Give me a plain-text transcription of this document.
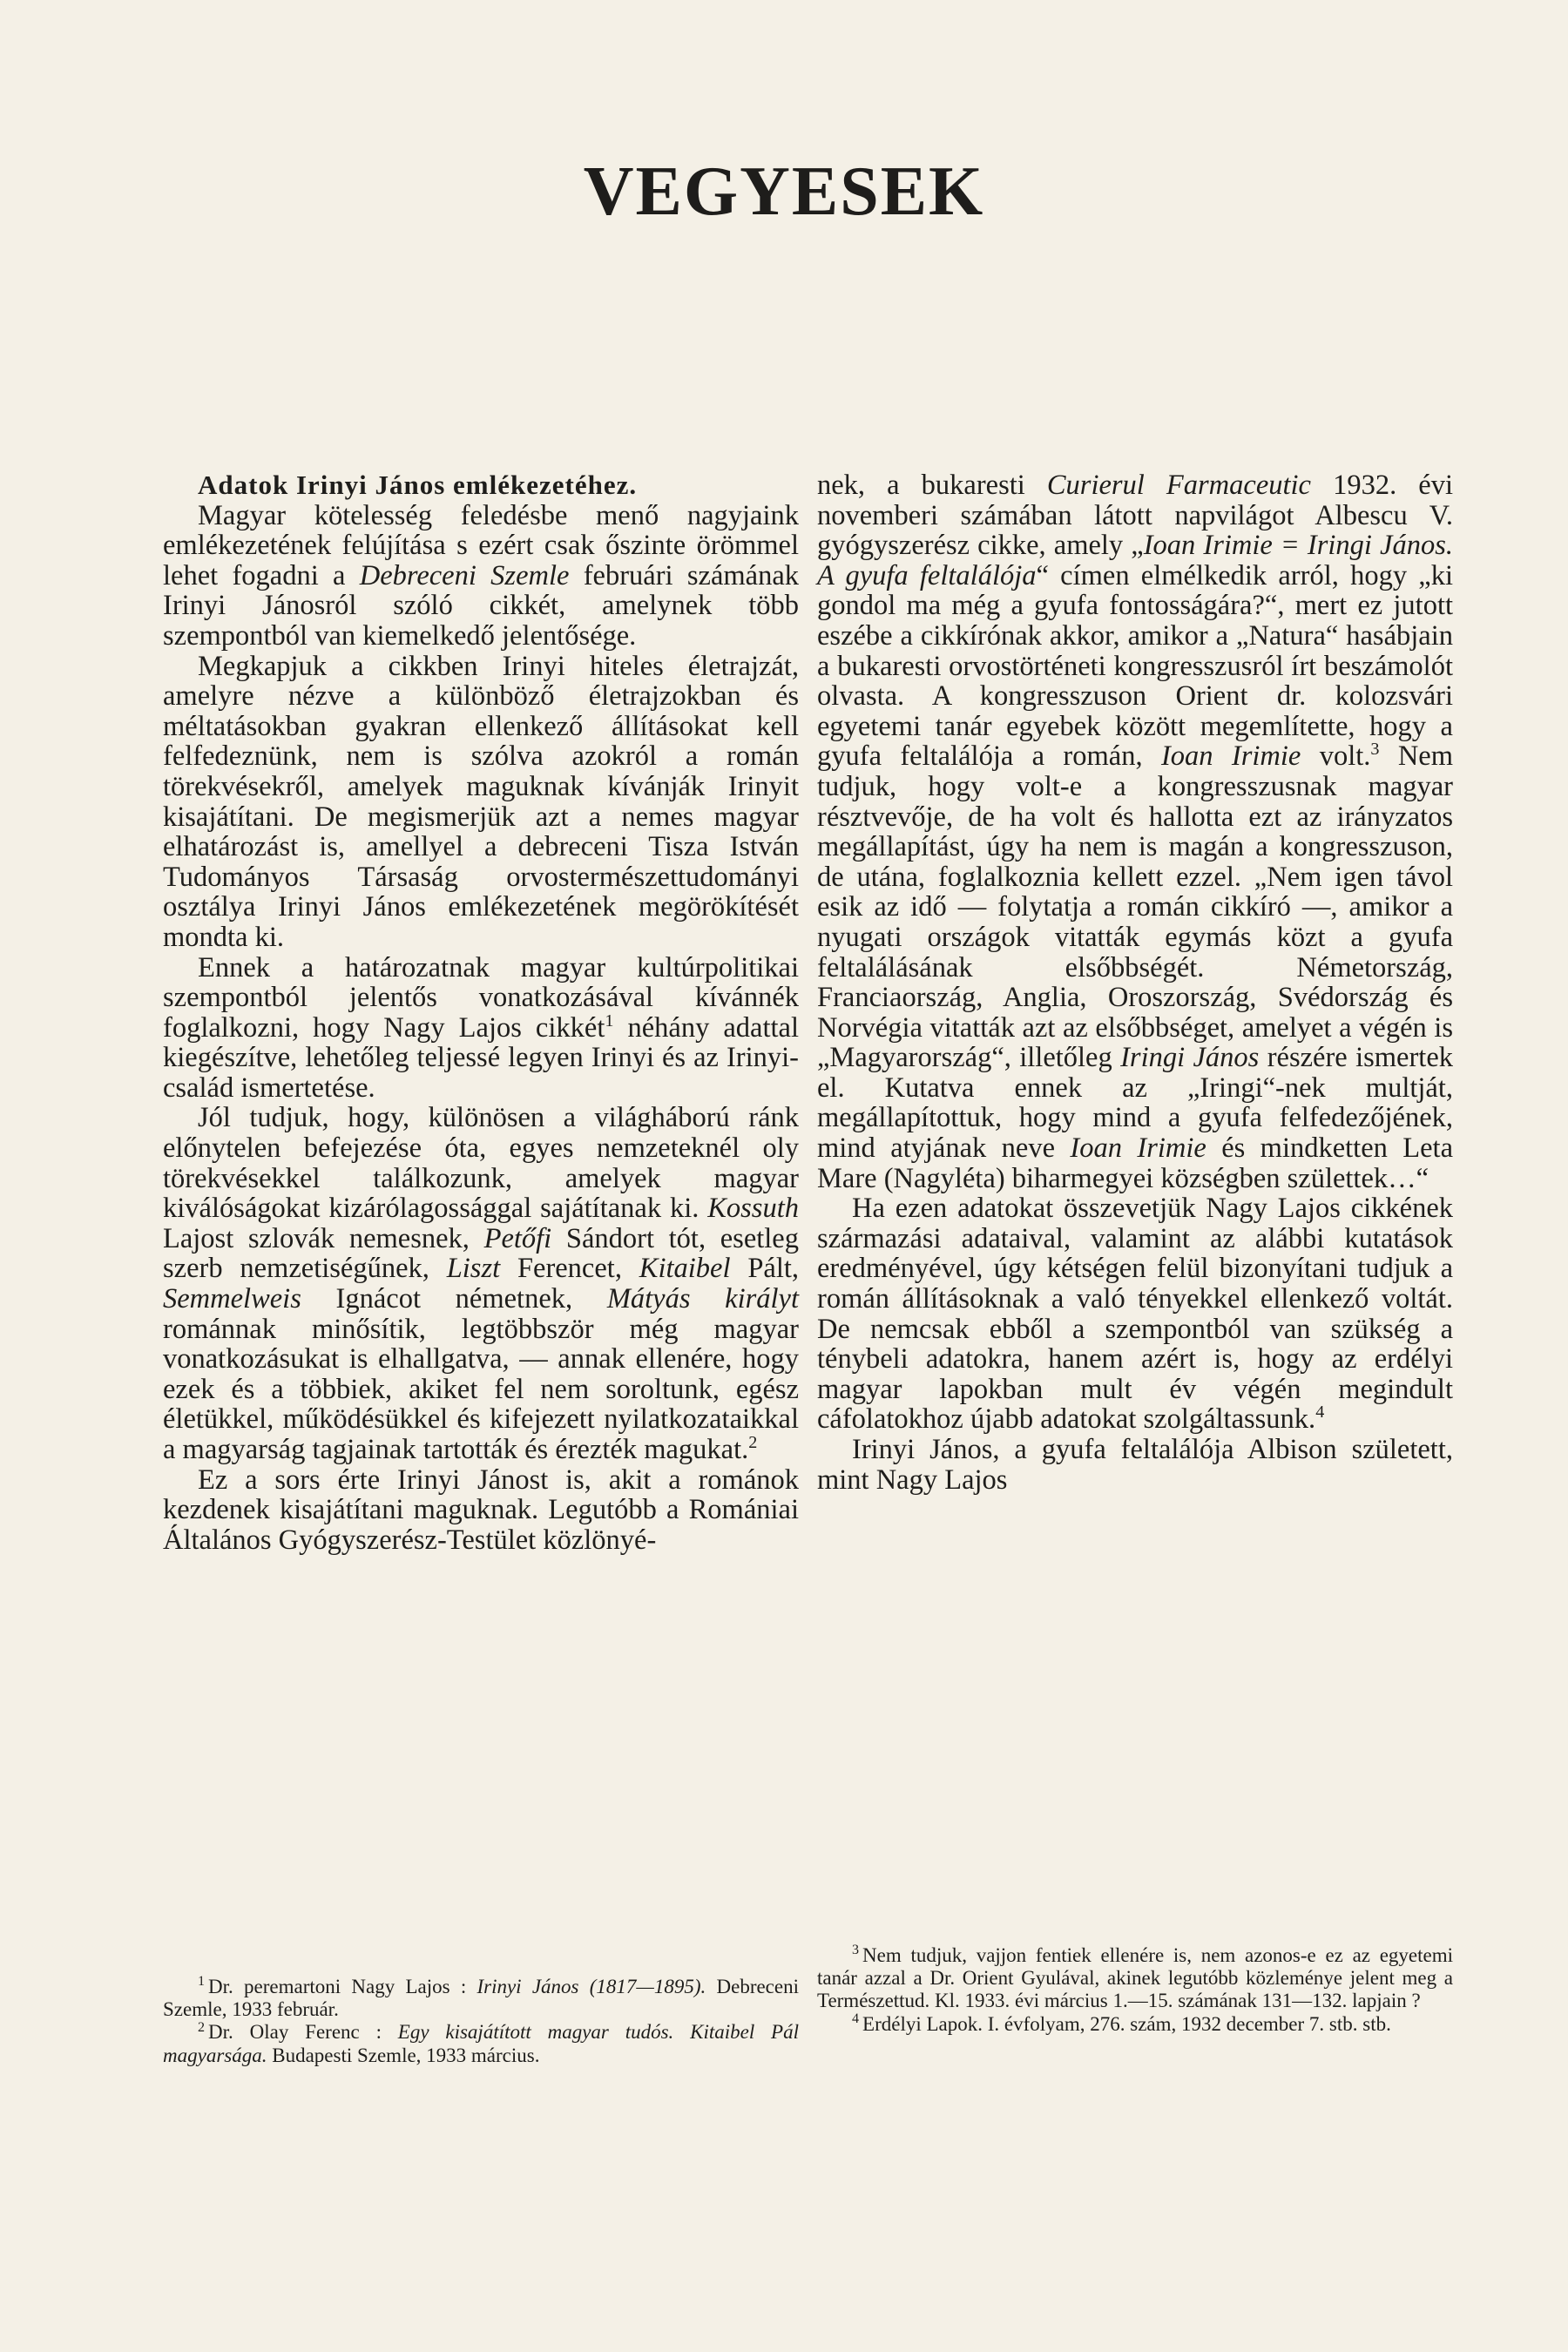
VEGYESEK

Adatok Irinyi János emlékezetéhez.

Magyar kötelesség feledésbe menő nagyjaink emlékezetének felújítása s ezért csak őszinte örömmel lehet fogadni a Debreceni Szemle februári számának Irinyi Jánosról szóló cikkét, amelynek több szempontból van kiemelkedő jelentősége.

Megkapjuk a cikkben Irinyi hiteles életrajzát, amelyre nézve a különböző életrajzokban és méltatásokban gyakran ellenkező állításokat kell felfedeznünk, nem is szólva azokról a román törekvésekről, amelyek maguknak kívánják Irinyit kisajátítani. De megismerjük azt a nemes magyar elhatározást is, amellyel a debreceni Tisza István Tudományos Társaság orvostermészettudományi osztálya Irinyi János emlékezetének megörökítését mondta ki.

Ennek a határozatnak magyar kultúrpolitikai szempontból jelentős vonatkozásával kívánnék foglalkozni, hogy Nagy Lajos cikkét$^1$ néhány adattal kiegészítve, lehetőleg teljessé legyen Irinyi és az Irinyi-család ismertetése.

Jól tudjuk, hogy, különösen a világháború ránk előnytelen befejezése óta, egyes nemzeteknél oly törekvésekkel találkozunk, amelyek magyar kiválóságokat kizárólagossággal sajátítanak ki. Kossuth Lajost szlovák nemesnek, Petőfi Sándort tót, esetleg szerb nemzetiségűnek, Liszt Ferencet, Kitaibel Pált, Semmelweis Ignácot németnek, Mátyás királyt románnak minősítik, legtöbbször még magyar vonatkozásukat is elhallgatva, — annak ellenére, hogy ezek és a többiek, akiket fel nem soroltunk, egész életükkel, működésükkel és kifejezett nyilatkozataikkal a magyarság tagjainak tartották és érezték magukat.$^2$

Ez a sors érte Irinyi Jánost is, akit a románok kezdenek kisajátítani maguknak. Legutóbb a Romániai Általános Gyógyszerész-Testület közlönyé-

nek, a bukaresti Curierul Farmaceutic 1932. évi novemberi számában látott napvilágot Albescu V. gyógyszerész cikke, amely „Ioan Irimie = Iringi János. A gyufa feltalálója“ címen elmélkedik arról, hogy „ki gondol ma még a gyufa fontosságára?“, mert ez jutott eszébe a cikkírónak akkor, amikor a „Natura“ hasábjain a bukaresti orvostörténeti kongresszusról írt beszámolót olvasta. A kongresszuson Orient dr. kolozsvári egyetemi tanár egyebek között megemlítette, hogy a gyufa feltalálója a román, Ioan Irimie volt.$^3$ Nem tudjuk, hogy volt-e a kongresszusnak magyar résztvevője, de ha volt és hallotta ezt az irányzatos megállapítást, úgy ha nem is magán a kongresszuson, de utána, foglalkoznia kellett ezzel. „Nem igen távol esik az idő — folytatja a román cikkíró —, amikor a nyugati országok vitatták egymás közt a gyufa feltalálásának elsőbbségét. Németország, Franciaország, Anglia, Oroszország, Svédország és Norvégia vitatták azt az elsőbbséget, amelyet a végén is „Magyarország“, illetőleg Iringi János részére ismertek el. Kutatva ennek az „Iringi“-nek multját, megállapítottuk, hogy mind a gyufa felfedezőjének, mind atyjának neve Ioan Irimie és mindketten Leta Mare (Nagyléta) biharmegyei községben születtek…“

Ha ezen adatokat összevetjük Nagy Lajos cikkének származási adataival, valamint az alábbi kutatások eredményével, úgy kétségen felül bizonyítani tudjuk a román állításoknak a való tényekkel ellenkező voltát. De nemcsak ebből a szempontból van szükség a ténybeli adatokra, hanem azért is, hogy az erdélyi magyar lapokban mult év végén megindult cáfolatokhoz újabb adatokat szolgáltassunk.$^4$

Irinyi János, a gyufa feltalálója Albison született, mint Nagy Lajos

$^1$ Dr. peremartoni Nagy Lajos : Irinyi János (1817—1895). Debreceni Szemle, 1933 február.

$^2$ Dr. Olay Ferenc : Egy kisajátított magyar tudós. Kitaibel Pál magyarsága. Budapesti Szemle, 1933 március.

$^3$ Nem tudjuk, vajjon fentiek ellenére is, nem azonos-e ez az egyetemi tanár azzal a Dr. Orient Gyulával, akinek legutóbb közleménye jelent meg a Természettud. Kl. 1933. évi március 1.—15. számának 131—132. lapjain ?

$^4$ Erdélyi Lapok. I. évfolyam, 276. szám, 1932 december 7. stb. stb.
